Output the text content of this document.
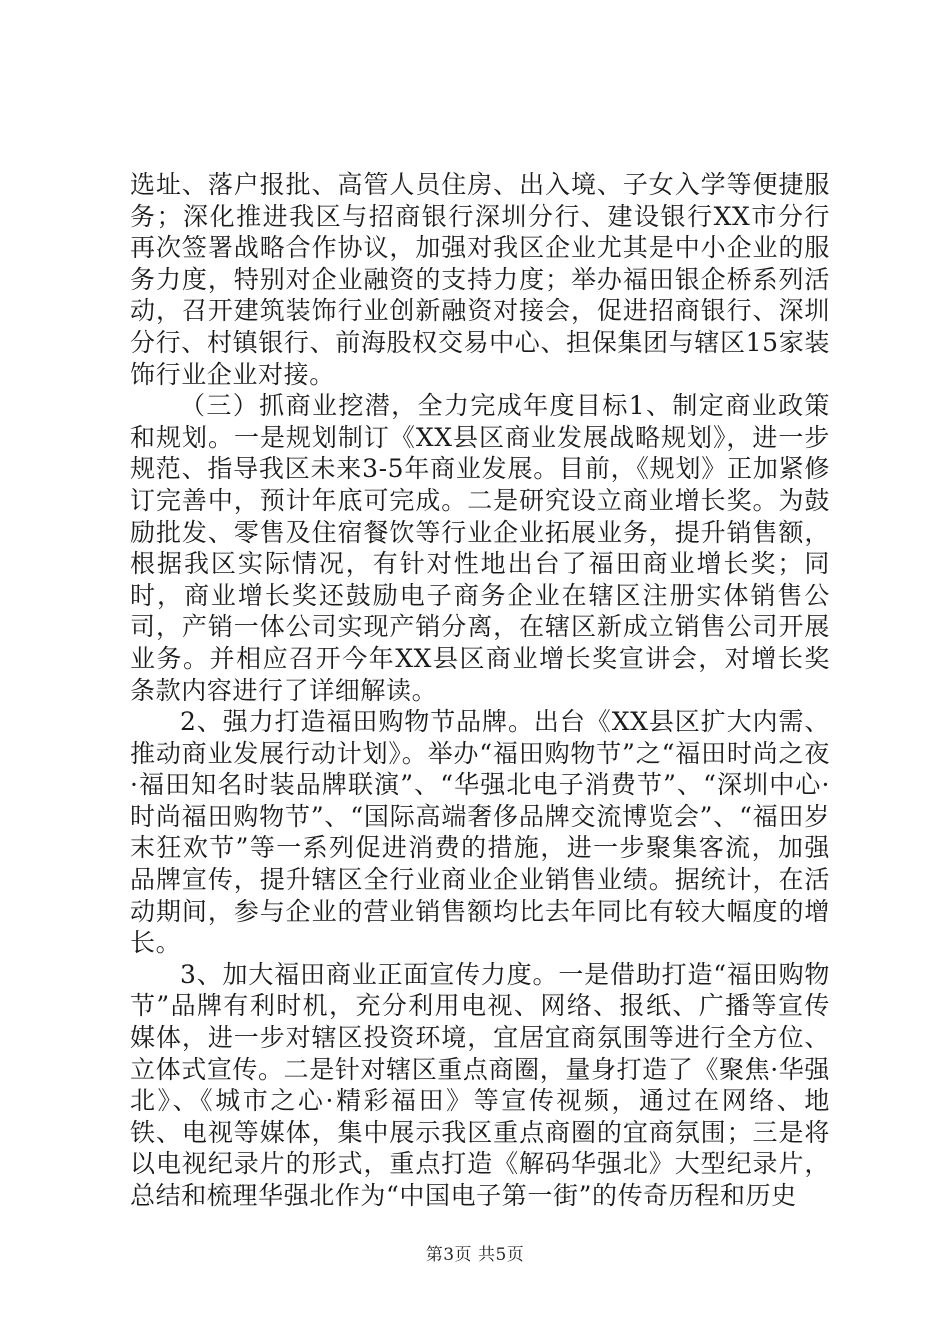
选址、落户报批、高管人员住房、出入境、子女入学等便捷服务；深化推进我区与招商银行深圳分行、建设银行XX市分行再次签署战略合作协议，加强对我区企业尤其是中小企业的服务力度，特别对企业融资的支持力度；举办福田银企桥系列活动，召开建筑装饰行业创新融资对接会，促进招商银行、深圳分行、村镇银行、前海股权交易中心、担保集团与辖区15家装饰行业企业对接。

（三）抓商业挖潜，全力完成年度目标1、制定商业政策和规划。一是规划制订《XX县区商业发展战略规划》，进一步规范、指导我区未来3-5年商业发展。目前，《规划》正加紧修订完善中，预计年底可完成。二是研究设立商业增长奖。为鼓励批发、零售及住宿餐饮等行业企业拓展业务，提升销售额，根据我区实际情况，有针对性地出台了福田商业增长奖；同时，商业增长奖还鼓励电子商务企业在辖区注册实体销售公司，产销一体公司实现产销分离，在辖区新成立销售公司开展业务。并相应召开今年XX县区商业增长奖宣讲会，对增长奖条款内容进行了详细解读。

2、强力打造福田购物节品牌。出台《XX县区扩大内需、推动商业发展行动计划》。举办“福田购物节”之“福田时尚之夜·福田知名时装品牌联演”、“华强北电子消费节”、“深圳中心·时尚福田购物节”、“国际高端奢侈品牌交流博览会”、“福田岁末狂欢节”等一系列促进消费的措施，进一步聚集客流，加强品牌宣传，提升辖区全行业商业企业销售业绩。据统计，在活动期间，参与企业的营业销售额均比去年同比有较大幅度的增长。

3、加大福田商业正面宣传力度。一是借助打造“福田购物节”品牌有利时机，充分利用电视、网络、报纸、广播等宣传媒体，进一步对辖区投资环境，宜居宜商氛围等进行全方位、立体式宣传。二是针对辖区重点商圈，量身打造了《聚焦·华强北》、《城市之心·精彩福田》等宣传视频，通过在网络、地铁、电视等媒体，集中展示我区重点商圈的宜商氛围；三是将以电视纪录片的形式，重点打造《解码华强北》大型纪录片，总结和梳理华强北作为“中国电子第一街”的传奇历程和历史

第3页 共5页
